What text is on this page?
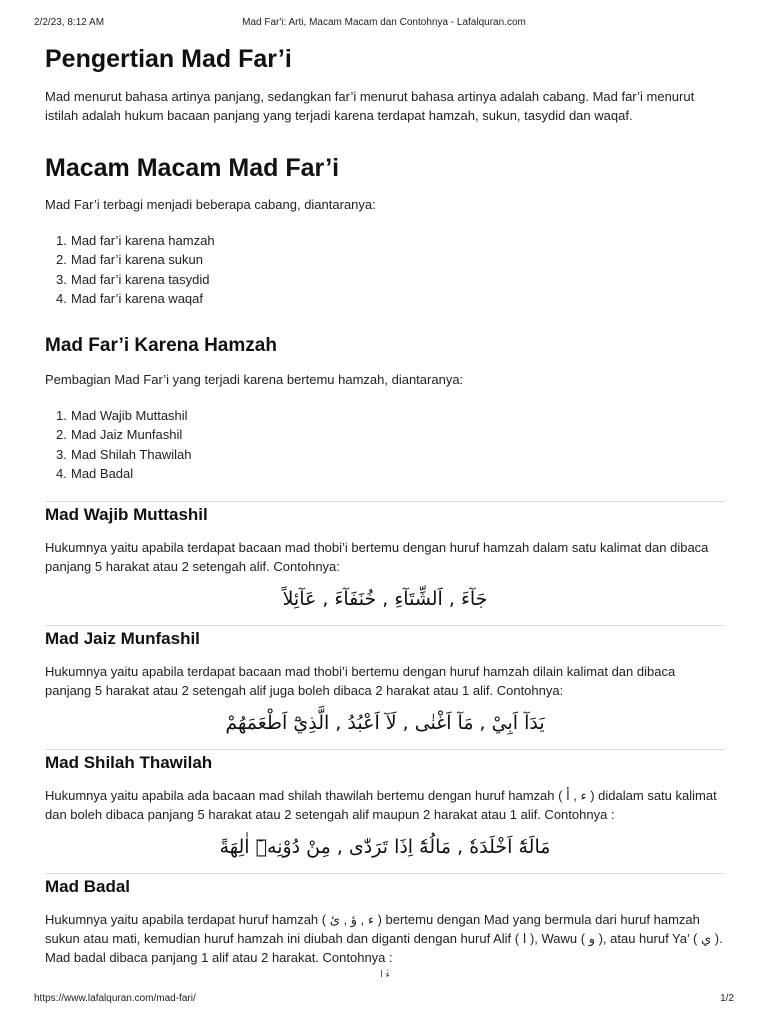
2/2/23, 8:12 AM	Mad Far'i: Arti, Macam Macam dan Contohnya - Lafalquran.com
Pengertian Mad Far’i

Mad menurut bahasa artinya panjang, sedangkan far’i menurut bahasa artinya adalah cabang. Mad far’i menurut istilah adalah hukum bacaan panjang yang terjadi karena terdapat hamzah, sukun, tasydid dan waqaf.

Macam Macam Mad Far’i

Mad Far’i terbagi menjadi beberapa cabang, diantaranya:

1. Mad far’i karena hamzah
2. Mad far’i karena sukun
3. Mad far’i karena tasydid
4. Mad far’i karena waqaf
Mad Far’i Karena Hamzah

Pembagian Mad Far’i yang terjadi karena bertemu hamzah, diantaranya:

1. Mad Wajib Muttashil
2. Mad Jaiz Munfashil
3. Mad Shilah Thawilah
4. Mad Badal
Mad Wajib Muttashil

Hukumnya yaitu apabila terdapat bacaan mad thobi’i bertemu dengan huruf hamzah dalam satu kalimat dan dibaca panjang 5 harakat atau 2 setengah alif. Contohnya:

جَآءَ , اَلشِّتَآءِ , خُنَفَآءَ , عَآئِلاً
Mad Jaiz Munfashil

Hukumnya yaitu apabila terdapat bacaan mad thobi’i bertemu dengan huruf hamzah dilain kalimat dan dibaca panjang 5 harakat atau 2 setengah alif juga boleh dibaca 2 harakat atau 1 alif. Contohnya:

يَدَآ اَبِيْ , مَآ اَغْنٰى , لَآ اَعْبُدُ , الَّذِيْٓ اَطْعَمَهُمْ
Mad Shilah Thawilah

Hukumnya yaitu apabila ada bacaan mad shilah thawilah bertemu dengan huruf hamzah ( ء , أ ) didalam satu kalimat dan boleh dibaca panjang 5 harakat atau 2 setengah alif maupun 2 harakat atau 1 alif. Contohnya :

مَالَهٗٓ اَخْلَدَهٗ , مَالُهٗٓ اِذَا تَرَدّٰى , مِنْ دُوْنِهٖٓ اٰلِهَةً
Mad Badal

Hukumnya yaitu apabila terdapat huruf hamzah ( ء , ؤ , ئ ) bertemu dengan Mad yang bermula dari huruf hamzah sukun atau mati, kemudian huruf hamzah ini diubah dan diganti dengan huruf Alif ( ا ), Wawu ( و ), atau huruf Ya’ ( ي ). Mad badal dibaca panjang 1 alif atau 2 harakat. Contohnya :

ءٰ ا
https://www.lafalquran.com/mad-fari/	1/2
